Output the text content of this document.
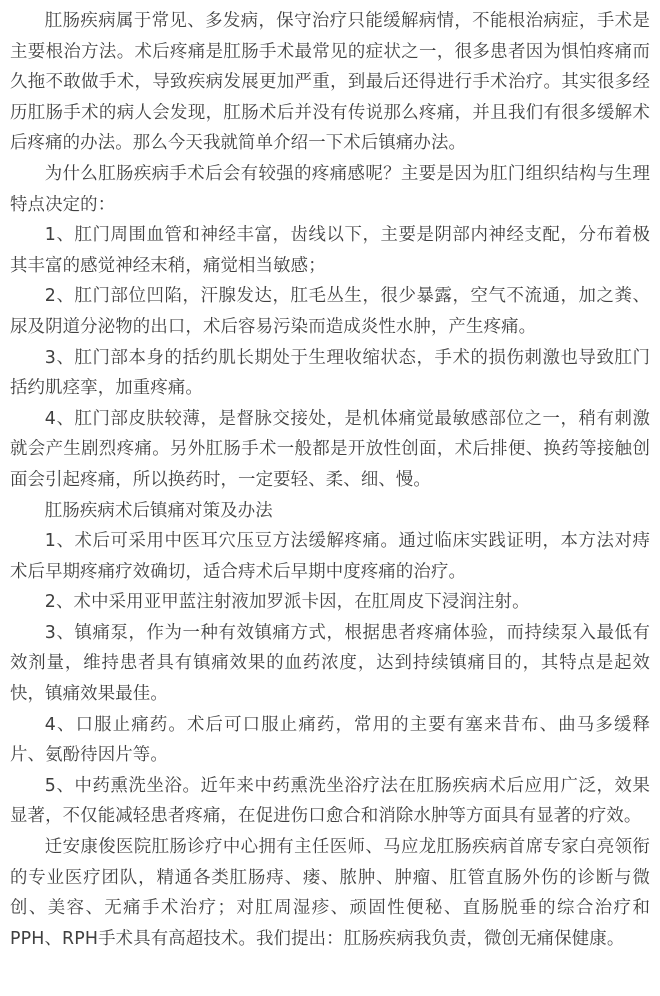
肛肠疾病属于常见、多发病，保守治疗只能缓解病情，不能根治病症，手术是主要根治方法。术后疼痛是肛肠手术最常见的症状之一，很多患者因为惧怕疼痛而久拖不敢做手术，导致疾病发展更加严重，到最后还得进行手术治疗。其实很多经历肛肠手术的病人会发现，肛肠术后并没有传说那么疼痛，并且我们有很多缓解术后疼痛的办法。那么今天我就简单介绍一下术后镇痛办法。

为什么肛肠疾病手术后会有较强的疼痛感呢？主要是因为肛门组织结构与生理特点决定的：

1、肛门周围血管和神经丰富，齿线以下，主要是阴部内神经支配，分布着极其丰富的感觉神经末稍，痛觉相当敏感；

2、肛门部位凹陷，汗腺发达，肛毛丛生，很少暴露，空气不流通，加之粪、尿及阴道分泌物的出口，术后容易污染而造成炎性水肿，产生疼痛。

3、肛门部本身的括约肌长期处于生理收缩状态，手术的损伤刺激也导致肛门括约肌痉挛，加重疼痛。

4、肛门部皮肤较薄，是督脉交接处，是机体痛觉最敏感部位之一，稍有刺激就会产生剧烈疼痛。另外肛肠手术一般都是开放性创面，术后排便、换药等接触创面会引起疼痛，所以换药时，一定要轻、柔、细、慢。

肛肠疾病术后镇痛对策及办法

1、术后可采用中医耳穴压豆方法缓解疼痛。通过临床实践证明，本方法对痔术后早期疼痛疗效确切，适合痔术后早期中度疼痛的治疗。

2、术中采用亚甲蓝注射液加罗派卡因，在肛周皮下浸润注射。

3、镇痛泵，作为一种有效镇痛方式，根据患者疼痛体验，而持续泵入最低有效剂量，维持患者具有镇痛效果的血药浓度，达到持续镇痛目的，其特点是起效快，镇痛效果最佳。

4、口服止痛药。术后可口服止痛药，常用的主要有塞来昔布、曲马多缓释片、氨酚待因片等。

5、中药熏洗坐浴。近年来中药熏洗坐浴疗法在肛肠疾病术后应用广泛，效果显著，不仅能减轻患者疼痛，在促进伤口愈合和消除水肿等方面具有显著的疗效。

迁安康俊医院肛肠诊疗中心拥有主任医师、马应龙肛肠疾病首席专家白亮领衔的专业医疗团队，精通各类肛肠痔、瘘、脓肿、肿瘤、肛管直肠外伤的诊断与微创、美容、无痛手术治疗；对肛周湿疹、顽固性便秘、直肠脱垂的综合治疗和PPH、RPH手术具有高超技术。我们提出：肛肠疾病我负责，微创无痛保健康。
